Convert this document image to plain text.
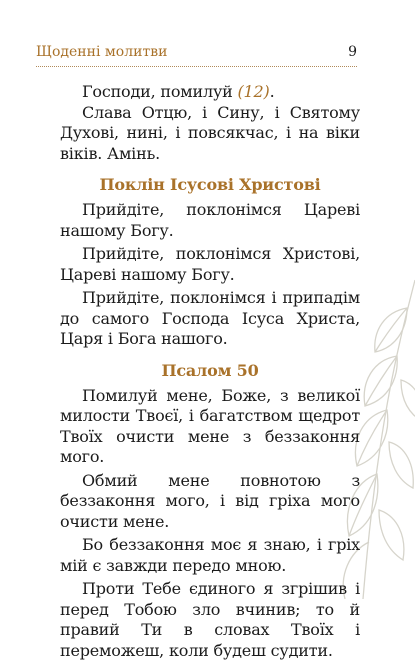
Щоденні молитви	9

Господи, помилуй (12).

Слава Отцю, і Сину, і Святому Духові, нині, і повсякчас, і на віки віків. Амінь.

Поклін Ісусові Христові

Прийдіте, поклонімся Цареві нашому Богу.

Прийдіте, поклонімся Христові, Цареві нашому Богу.

Прийдіте, поклонімся і припадім до самого Господа Ісуса Христа, Царя і Бога нашого.

Псалом 50

Помилуй мене, Боже, з великої милости Твоєї, і багатством щедрот Твоїх очисти мене з беззаконня мого.

Обмий мене повнотою з беззаконня мого, і від гріха мого очисти мене.

Бо беззаконня моє я знаю, і гріх мій є завжди передо мною.

Проти Тебе єдиного я згрішив і перед Тобою зло вчинив; то й правий Ти в словах Твоїх і переможеш, коли будеш судити.
